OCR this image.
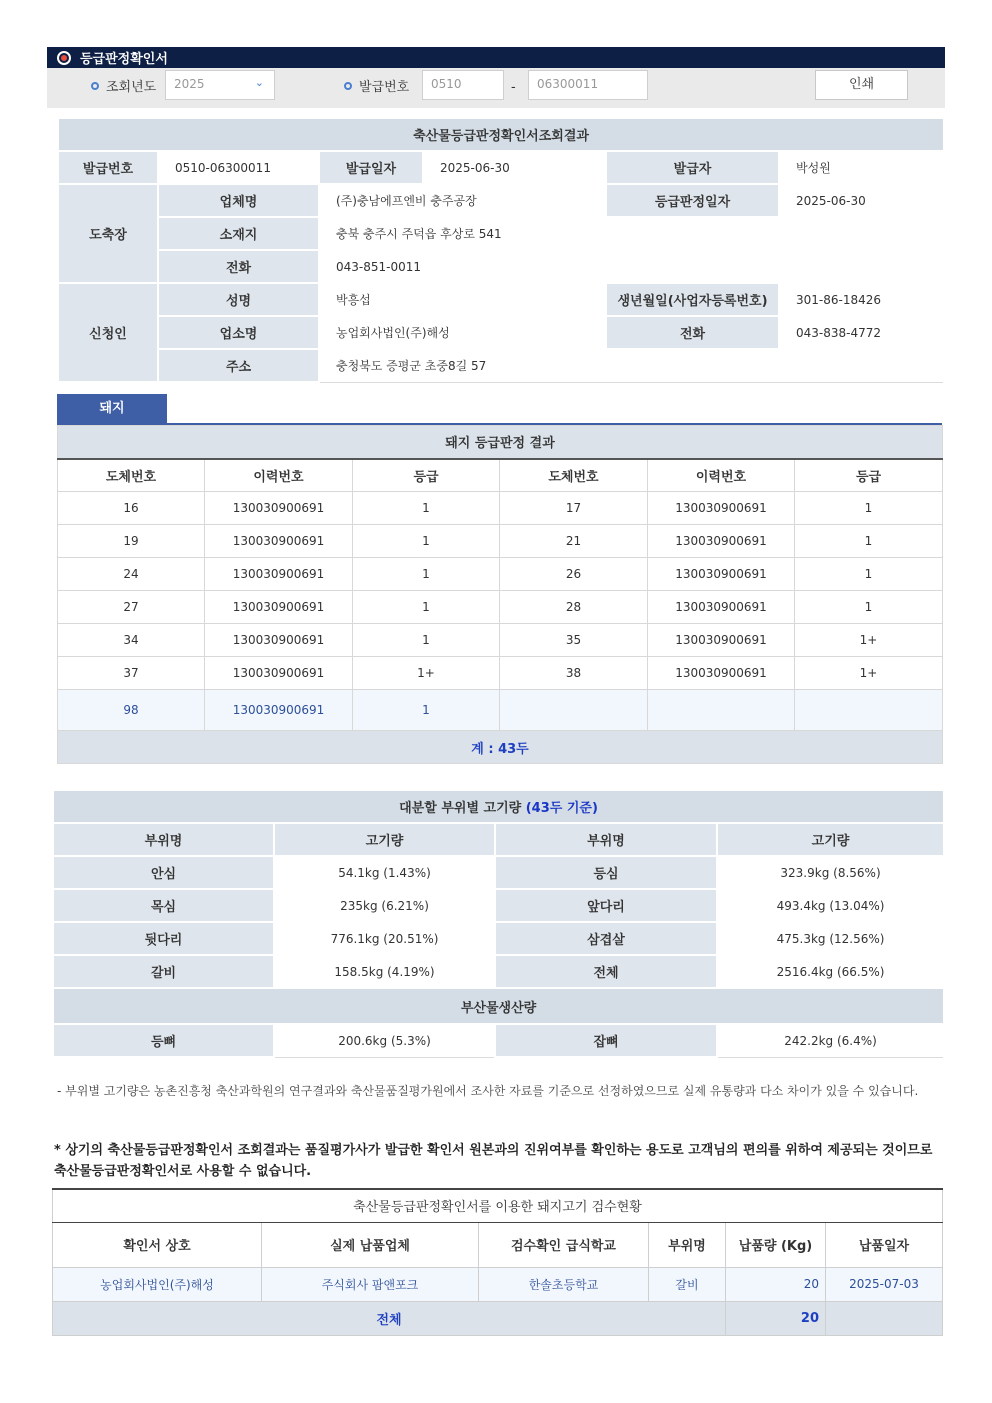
등급판정확인서
조회년도	2025	⌄	발급번호	0510	-	06300011	인쇄
축산물등급판정확인서조회결과					
발급번호	0510-06300011	발급일자	2025-06-30	발급자	박성원
도축장	업체명	(주)충남에프엔비 충주공장		등급판정일자	2025-06-30
	소재지	충북 충주시 주덕읍 후상로 541			
	전화	043-851-0011			
신청인	성명	박흥섭		생년월일(사업자등록번호)	301-86-18426
	업소명	농업회사법인(주)해성		전화	043-838-4772
	주소	충청북도 증평군 초중8길 57			
돼지
돼지 등급판정 결과					
도체번호	이력번호	등급	도체번호	이력번호	등급
16	130030900691	1	17	130030900691	1
19	130030900691	1	21	130030900691	1
24	130030900691	1	26	130030900691	1
27	130030900691	1	28	130030900691	1
34	130030900691	1	35	130030900691	1+
37	130030900691	1+	38	130030900691	1+
98	130030900691	1			
계 : 43두					
대분할 부위별 고기량 (43두 기준)			
부위명	고기량	부위명	고기량
안심	54.1kg (1.43%)	등심	323.9kg (8.56%)
목심	235kg (6.21%)	앞다리	493.4kg (13.04%)
뒷다리	776.1kg (20.51%)	삼겹살	475.3kg (12.56%)
갈비	158.5kg (4.19%)	전체	2516.4kg (66.5%)
부산물생산량			
등뼈	200.6kg (5.3%)	잡뼈	242.2kg (6.4%)
- 부위별 고기량은 농촌진흥청 축산과학원의 연구결과와 축산물품질평가원에서 조사한 자료를 기준으로 선정하였으므로 실제 유통량과 다소 차이가 있을 수 있습니다.
* 상기의 축산물등급판정확인서 조회결과는 품질평가사가 발급한 확인서 원본과의 진위여부를 확인하는 용도로 고객님의 편의를 위하여 제공되는 것이므로 축산물등급판정확인서로 사용할 수 없습니다.
축산물등급판정확인서를 이용한 돼지고기 검수현황					
확인서 상호	실제 납품업체	검수확인 급식학교	부위명	납품량 (Kg)	납품일자
농업회사법인(주)해성	주식회사 팜앤포크	한솔초등학교	갈비	20	2025-07-03
전체				20	
